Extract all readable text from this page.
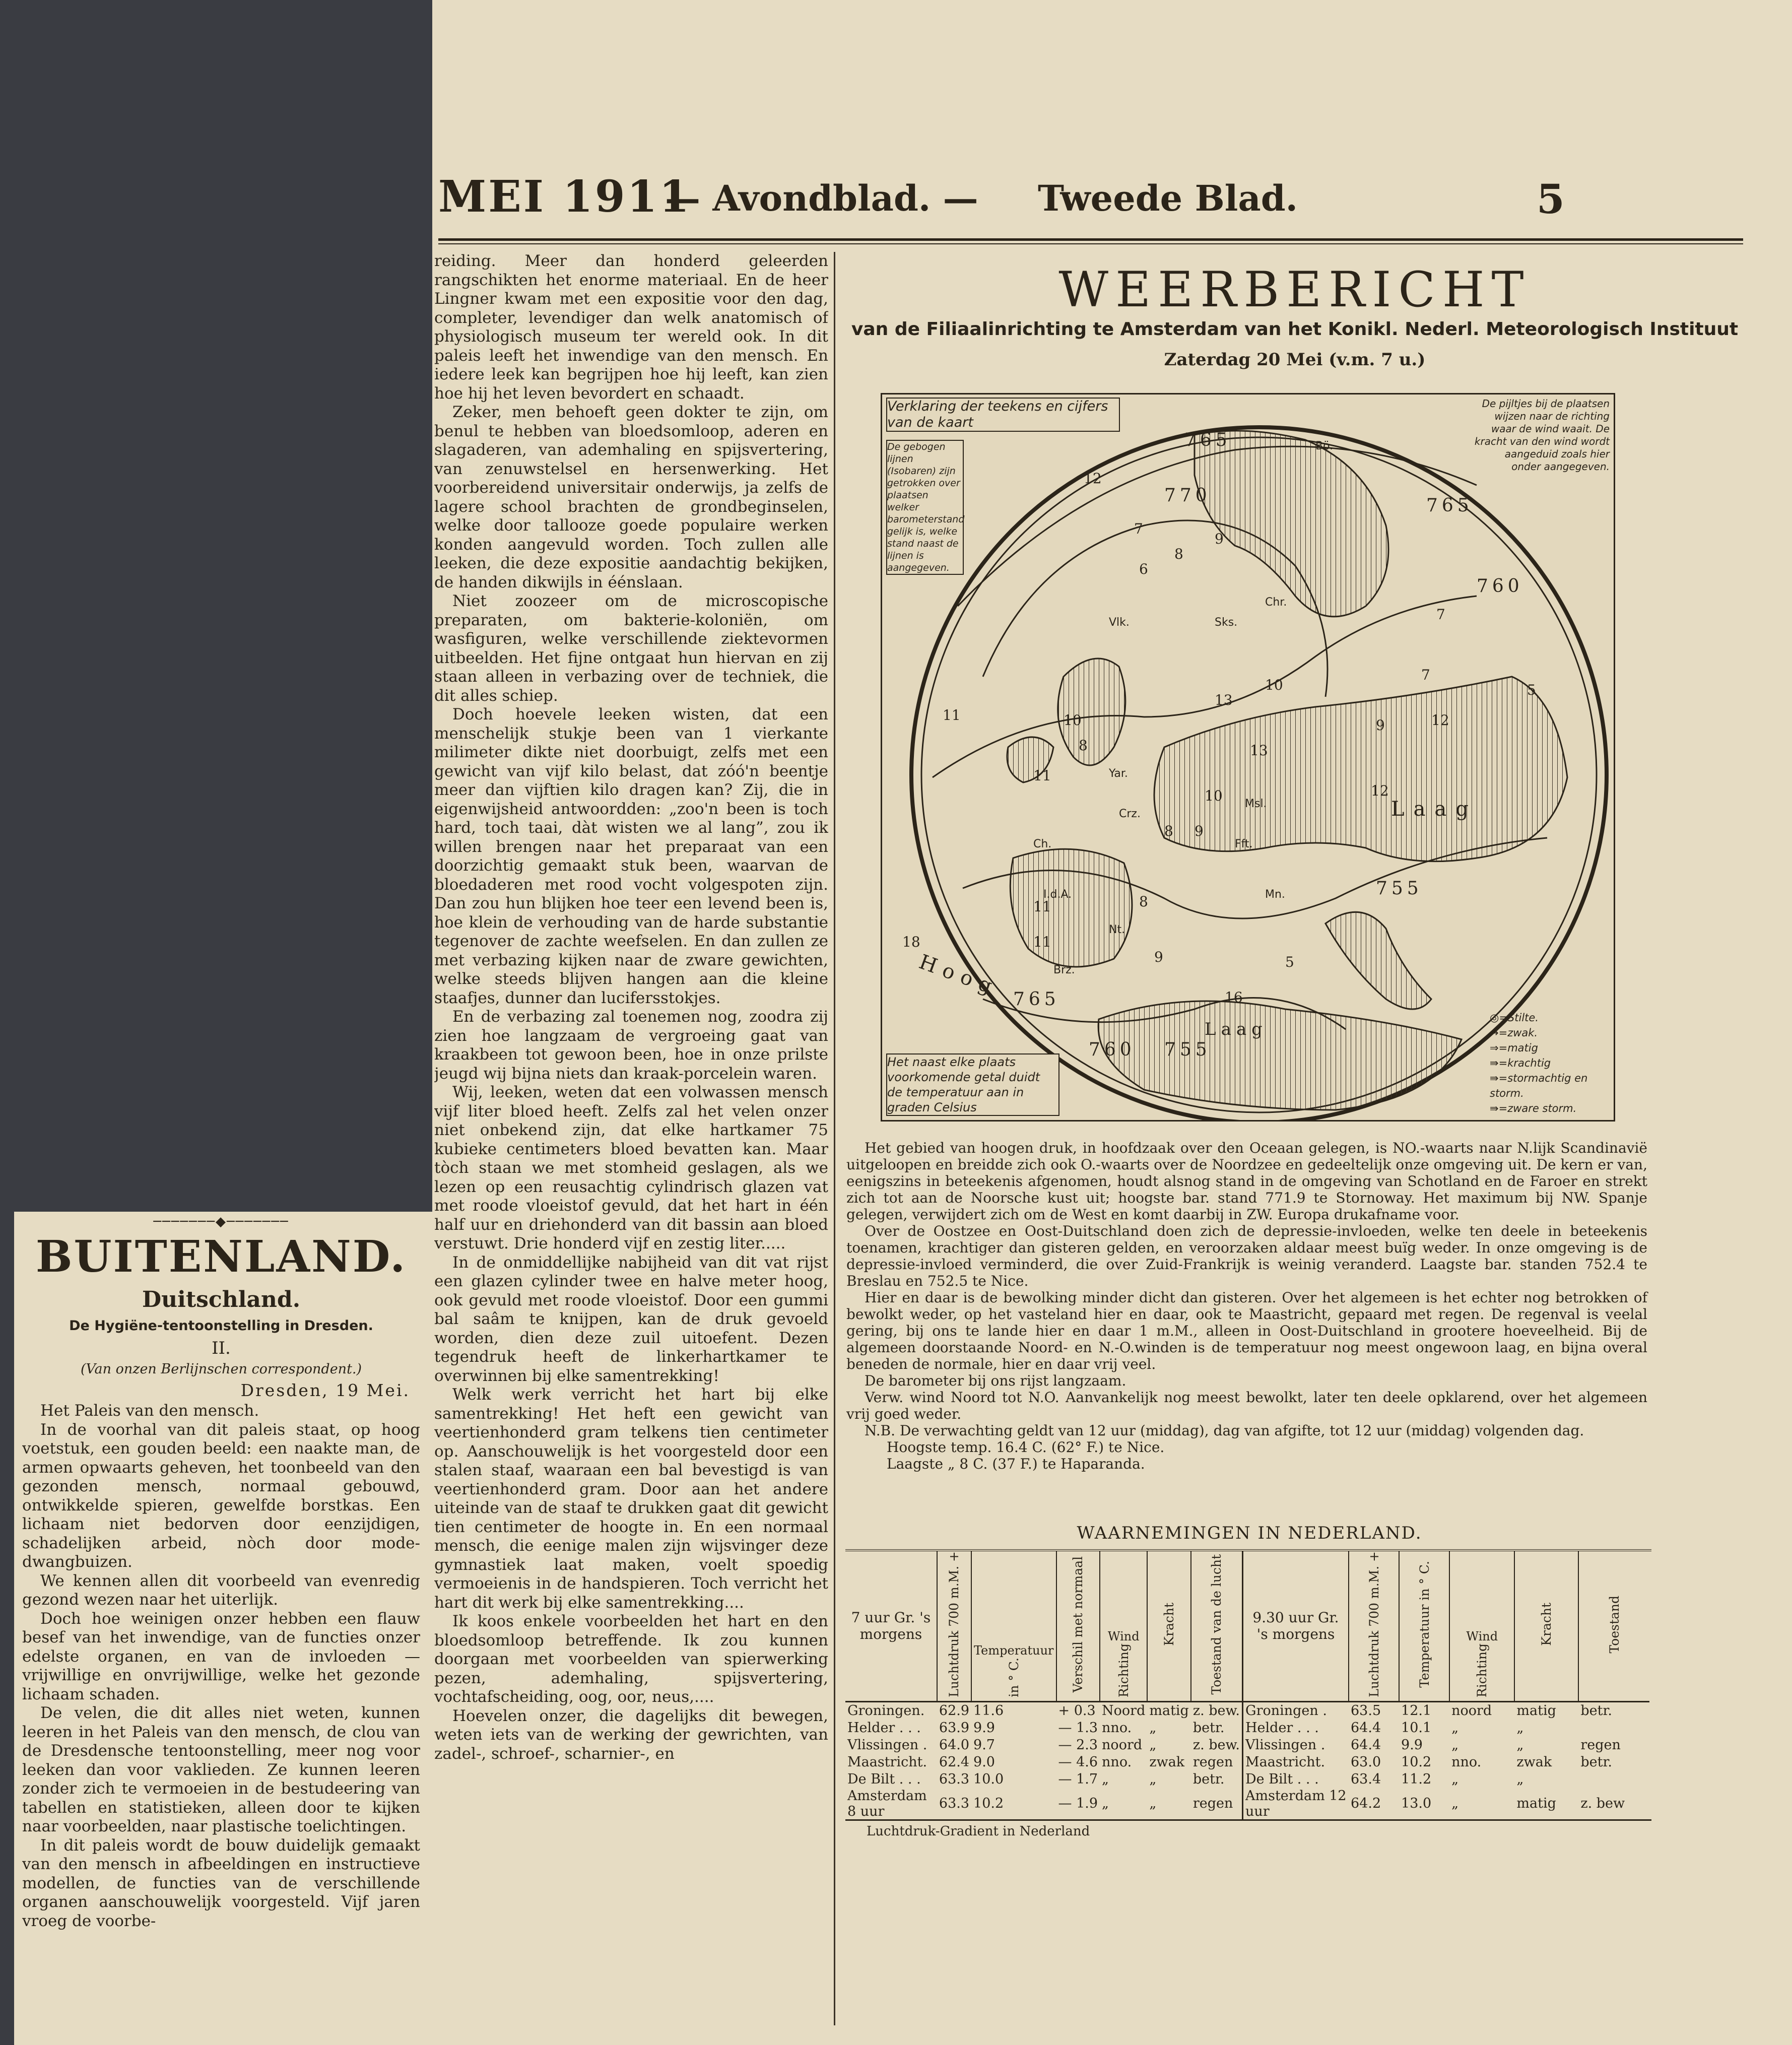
MEI 1911
— Avondblad. — Tweede Blad.	5

reiding. Meer dan honderd geleerden rangschikten het enorme materiaal. En de heer Lingner kwam met een expositie voor den dag, completer, levendiger dan welk anatomisch of physiologisch museum ter wereld ook. In dit paleis leeft het inwendige van den mensch. En iedere leek kan begrijpen hoe hij leeft, kan zien hoe hij het leven bevordert en schaadt.

Zeker, men behoeft geen dokter te zijn, om benul te hebben van bloedsomloop, aderen en slagaderen, van ademhaling en spijsvertering, van zenuwstelsel en hersenwerking. Het voorbereidend universitair onderwijs, ja zelfs de lagere school brachten de grondbeginselen, welke door tallooze goede populaire werken konden aangevuld worden. Toch zullen alle leeken, die deze expositie aandachtig bekijken, de handen dikwijls in éénslaan.

Niet zoozeer om de microscopische preparaten, om bakterie-koloniën, om wasfiguren, welke verschillende ziektevormen uitbeelden. Het fijne ontgaat hun hiervan en zij staan alleen in verbazing over de techniek, die dit alles schiep.

Doch hoevele leeken wisten, dat een menschelijk stukje been van 1 vierkante milimeter dikte niet doorbuigt, zelfs met een gewicht van vijf kilo belast, dat zóó'n beentje meer dan vijftien kilo dragen kan? Zij, die in eigenwijsheid antwoordden: „zoo'n been is toch hard, toch taai, dàt wisten we al lang”, zou ik willen brengen naar het preparaat van een doorzichtig gemaakt stuk been, waarvan de bloedaderen met rood vocht volgespoten zijn. Dan zou hun blijken hoe teer een levend been is, hoe klein de verhouding van de harde substantie tegenover de zachte weefselen. En dan zullen ze met verbazing kijken naar de zware gewichten, welke steeds blijven hangen aan die kleine staafjes, dunner dan lucifersstokjes.

En de verbazing zal toenemen nog, zoodra zij zien hoe langzaam de vergroeing gaat van kraakbeen tot gewoon been, hoe in onze prilste jeugd wij bijna niets dan kraak-porcelein waren.

Wij, leeken, weten dat een volwassen mensch vijf liter bloed heeft. Zelfs zal het velen onzer niet onbekend zijn, dat elke hartkamer 75 kubieke centimeters bloed bevatten kan. Maar tòch staan we met stomheid geslagen, als we lezen op een reusachtig cylindrisch glazen vat met roode vloeistof gevuld, dat het hart in één half uur en driehonderd van dit bassin aan bloed verstuwt. Drie honderd vijf en zestig liter.....

In de onmiddellijke nabijheid van dit vat rijst een glazen cylinder twee en halve meter hoog, ook gevuld met roode vloeistof. Door een gummi bal saâm te knijpen, kan de druk gevoeld worden, dien deze zuil uitoefent. Dezen tegendruk heeft de linkerhartkamer te overwinnen bij elke samentrekking!

Welk werk verricht het hart bij elke samentrekking! Het heft een gewicht van veertienhonderd gram telkens tien centimeter op. Aanschouwelijk is het voorgesteld door een stalen staaf, waaraan een bal bevestigd is van veertienhonderd gram. Door aan het andere uiteinde van de staaf te drukken gaat dit gewicht tien centimeter de hoogte in. En een normaal mensch, die eenige malen zijn wijsvinger deze gymnastiek laat maken, voelt spoedig vermoeienis in de handspieren. Toch verricht het hart dit werk bij elke samentrekking....

Ik koos enkele voorbeelden het hart en den bloedsomloop betreffende. Ik zou kunnen doorgaan met voorbeelden van spierwerking pezen, ademhaling, spijsvertering, vochtafscheiding, oog, oor, neus,....

Hoevelen onzer, die dagelijks dit bewegen, weten iets van de werking der gewrichten, van zadel-, schroef-, scharnier-, en

───────◆───────
BUITENLAND.
Duitschland.
De Hygiëne-tentoonstelling in Dresden.
II.
(Van onzen Berlijnschen correspondent.)
Dresden, 19 Mei.

Het Paleis van den mensch.

In de voorhal van dit paleis staat, op hoog voetstuk, een gouden beeld: een naakte man, de armen opwaarts geheven, het toonbeeld van den gezonden mensch, normaal gebouwd, ontwikkelde spieren, gewelfde borstkas. Een lichaam niet bedorven door eenzijdigen, schadelijken arbeid, nòch door mode-dwangbuizen.

We kennen allen dit voorbeeld van evenredig gezond wezen naar het uiterlijk.

Doch hoe weinigen onzer hebben een flauw besef van het inwendige, van de functies onzer edelste organen, en van de invloeden — vrijwillige en onvrijwillige, welke het gezonde lichaam schaden.

De velen, die dit alles niet weten, kunnen leeren in het Paleis van den mensch, de clou van de Dresdensche tentoonstelling, meer nog voor leeken dan voor vaklieden. Ze kunnen leeren zonder zich te vermoeien in de bestudeering van tabellen en statistieken, alleen door te kijken naar voorbeelden, naar plastische toelichtingen.

In dit paleis wordt de bouw duidelijk gemaakt van den mensch in afbeeldingen en instructieve modellen, de functies van de verschillende organen aanschouwelijk voorgesteld. Vijf jaren vroeg de voorbe-

WEERBERICHT
van de Filiaalinrichting te Amsterdam van het Konikl. Nederl. Meteorologisch Instituut
Zaterdag 20 Mei (v.m. 7 u.)
Verklaring der teekens en cijfers van de kaart
De gebogen lijnen (Isobaren) zijn getrokken over plaatsen welker barometerstand gelijk is, welke stand naast de lijnen is aangegeven.
De pijltjes bij de plaatsen wijzen naar de richting waar de wind waait. De kracht van den wind wordt aangeduid zoals hier onder aangegeven.
Het naast elke plaats voorkomende getal duidt de temperatuur aan in graden Celsius
765
770	765
760
755
760 755
765
Hoog
Laag
Laag
Chr.
Sks.
Bö.
Yar.
Vlk.
Ch.
I.d.A.
Brz.
Msl.
Fft.
Mn.
Crz.
Nt.
12
7
8
9
6
7
10
11	10
8
13
13
9	12
12
10
8 9
11
11
18
16
5
5
7
11	8
9
◎=Stilte.
→=zwak.
⇒=matig
⇛=krachtig
⇛=stormachtig en storm.
⇛=zware storm.

Het gebied van hoogen druk, in hoofdzaak over den Oceaan gelegen, is NO.-waarts naar N.lijk Scandinavië uitgeloopen en breidde zich ook O.-waarts over de Noordzee en gedeeltelijk onze omgeving uit. De kern er van, eenigszins in beteekenis afgenomen, houdt alsnog stand in de omgeving van Schotland en de Faroer en strekt zich tot aan de Noorsche kust uit; hoogste bar. stand 771.9 te Stornoway. Het maximum bij NW. Spanje gelegen, verwijdert zich om de West en komt daarbij in ZW. Europa drukafname voor.

Over de Oostzee en Oost-Duitschland doen zich de depressie-invloeden, welke ten deele in beteekenis toenamen, krachtiger dan gisteren gelden, en veroorzaken aldaar meest buïg weder. In onze omgeving is de depressie-invloed verminderd, die over Zuid-Frankrijk is weinig veranderd. Laagste bar. standen 752.4 te Breslau en 752.5 te Nice.

Hier en daar is de bewolking minder dicht dan gisteren. Over het algemeen is het echter nog betrokken of bewolkt weder, op het vasteland hier en daar, ook te Maastricht, gepaard met regen. De regenval is veelal gering, bij ons te lande hier en daar 1 m.M., alleen in Oost-Duitschland in grootere hoeveelheid. Bij de algemeen doorstaande Noord- en N.-O.winden is de temperatuur nog meest ongewoon laag, en bijna overal beneden de normale, hier en daar vrij veel.

De barometer bij ons rijst langzaam.

Verw. wind Noord tot N.O. Aanvankelijk nog meest bewolkt, later ten deele opklarend, over het algemeen vrij goed weder.

N.B. De verwachting geldt van 12 uur (middag), dag van afgifte, tot 12 uur (middag) volgenden dag.

Hoogste temp. 16.4 C. (62° F.) te Nice.
Laagste „ 8 C. (37 F.) te Haparanda.
WAARNEMINGEN IN NEDERLAND.
7 uur Gr. 's morgens	Luchtdruk 700 m.M. +	Temperatuur
in ° C.	Verschil met normaal	Wind
Richting	Kracht	Toestand van de lucht
Groningen.	62.9	11.6	+ 0.3	Noord	matig	z. bew.
Helder . . .	63.9	9.9	— 1.3	nno.	„	betr.
Vlissingen .	64.0	9.7	— 2.3	noord	„	z. bew.
Maastricht.	62.4	9.0	— 4.6	nno.	zwak	regen
De Bilt . . .	63.3	10.0	— 1.7	„	„	betr.
Amsterdam 8 uur	63.3	10.2	— 1.9	„	„	regen
9.30 uur Gr. 's morgens	Luchtdruk 700 m.M. +	Temperatuur in ° C.	Wind
Richting	Kracht	Toestand
Groningen .	63.5	12.1	noord	matig	betr.
Helder . . .	64.4	10.1	„	„	
Vlissingen .	64.4	9.9	„	„	regen
Maastricht.	63.0	10.2	nno.	zwak	betr.
De Bilt . . .	63.4	11.2	„	„	
Amsterdam 12 uur	64.2	13.0	„	matig	z. bew
Luchtdruk-Gradient in Nederland
